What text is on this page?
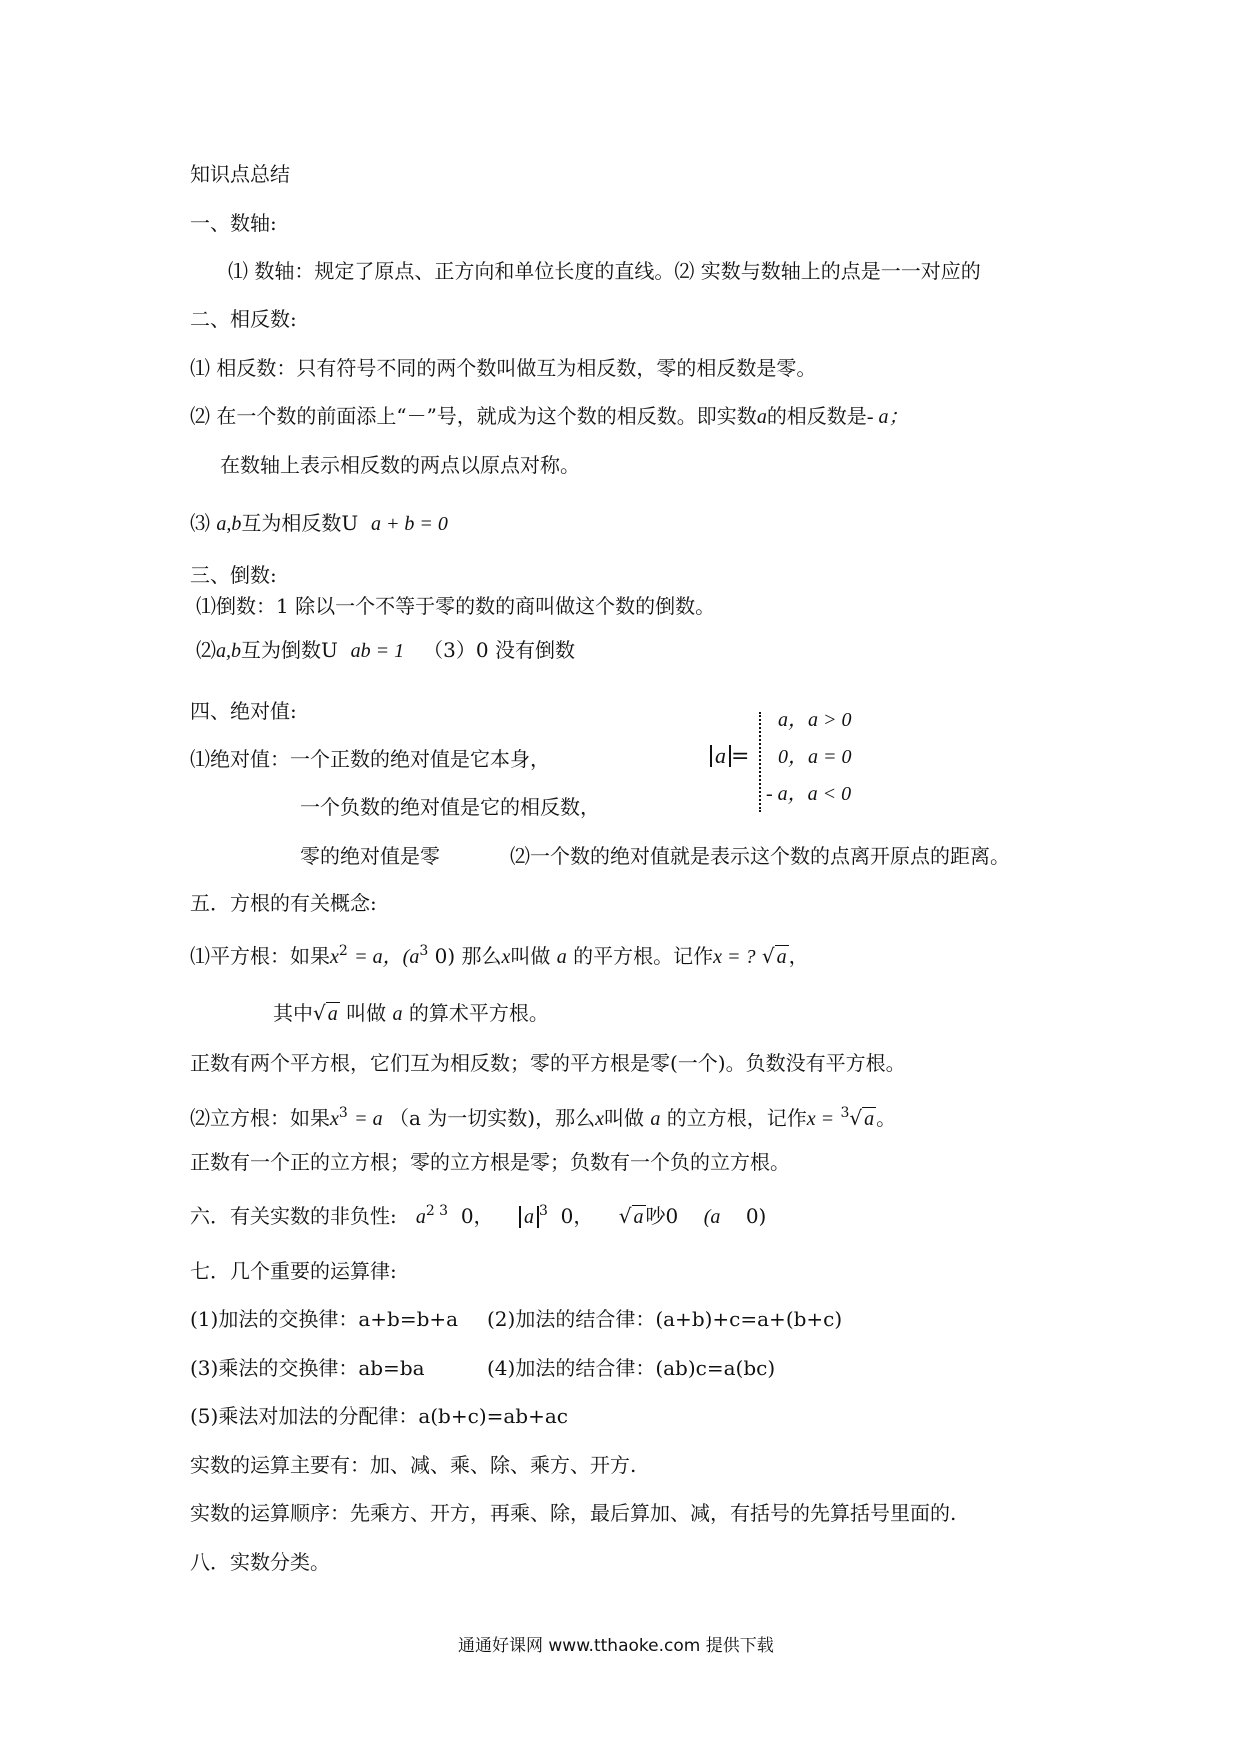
知识点总结
一、数轴:
⑴ 数轴：规定了原点、正方向和单位长度的直线。⑵ 实数与数轴上的点是一一对应的
二、相反数:
⑴ 相反数：只有符号不同的两个数叫做互为相反数，零的相反数是零。
⑵ 在一个数的前面添上“－”号，就成为这个数的相反数。即实数a的相反数是- a；
在数轴上表示相反数的两点以原点对称。
⑶ a,b互为相反数U a + b = 0
三、倒数:
⑴倒数：1 除以一个不等于零的数的商叫做这个数的倒数。
⑵a,b互为倒数U ab = 1 （3）0 没有倒数
四、绝对值:
⑴绝对值：一个正数的绝对值是它本身，
一个负数的绝对值是它的相反数，
零的绝对值是零	⑵一个数的绝对值就是表示这个数的点离开原点的距离。
a =
a，a > 0
0，a = 0
- a，a < 0
五．方根的有关概念:
⑴平方根：如果$x^2 = a$，($a^3$ 0) 那么x叫做 a 的平方根。记作x = ? √ a ，
其中√ a 叫做 a 的算术平方根。
正数有两个平方根，它们互为相反数；零的平方根是零(一个)。负数没有平方根。
⑵立方根：如果$x^3 = a$ （a 为一切实数)，那么x叫做 a 的立方根，记作x = $^3$√ a 。
正数有一个正的立方根；零的立方根是零；负数有一个负的立方根。
六．有关实数的非负性: $a^{2 3}$ 0， a $^3$ 0， √ a 吵0 (a 0)
七．几个重要的运算律:
(1)加法的交换律：a+b=b+a (2)加法的结合律：(a+b)+c=a+(b+c)
(3)乘法的交换律：ab=ba	(4)加法的结合律：(ab)c=a(bc)
(5)乘法对加法的分配律：a(b+c)=ab+ac
实数的运算主要有：加、减、乘、除、乘方、开方.
实数的运算顺序：先乘方、开方，再乘、除，最后算加、减，有括号的先算括号里面的.
八．实数分类。
通通好课网 www.tthaoke.com 提供下载
